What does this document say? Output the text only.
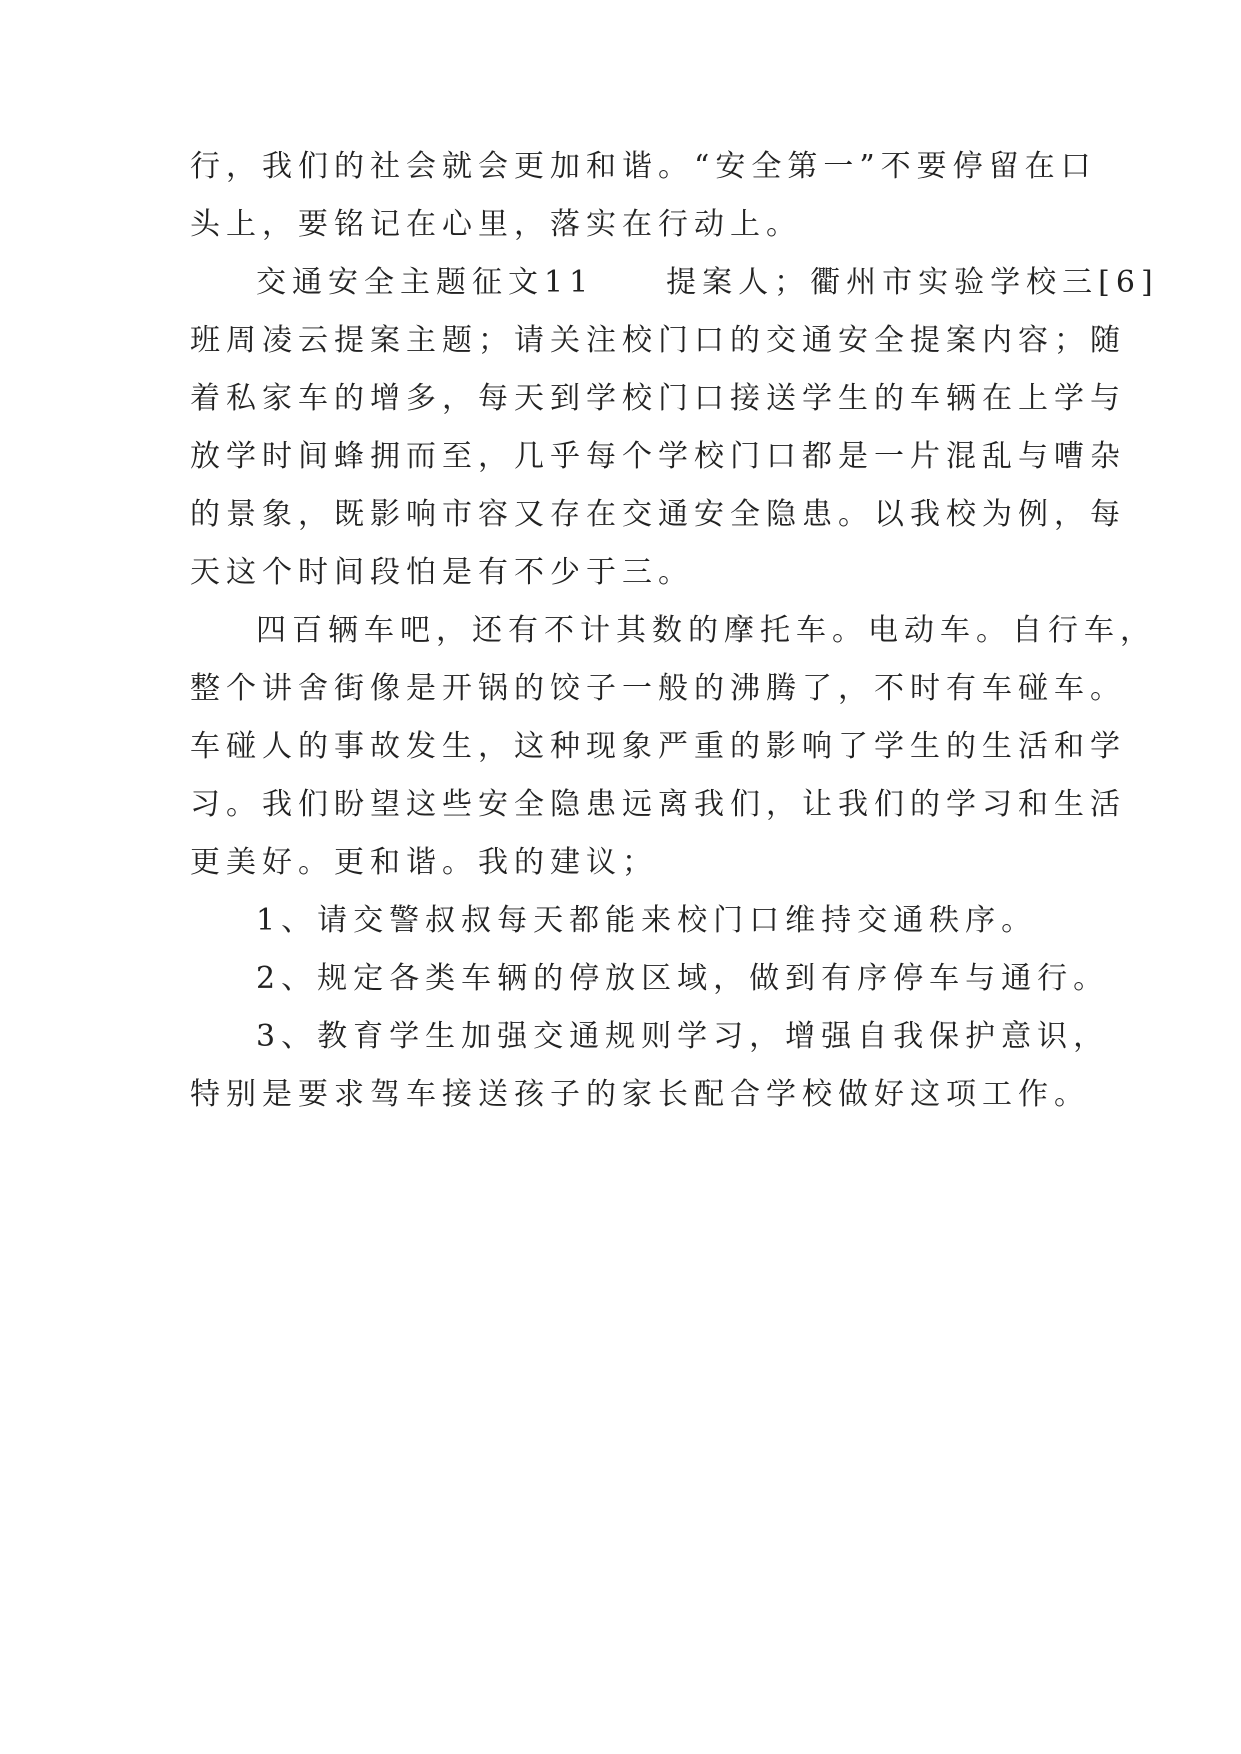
行，我们的社会就会更加和谐。“安全第一”不要停留在口
头上，要铭记在心里，落实在行动上。
交通安全主题征文11　　提案人；衢州市实验学校三[6]
班周凌云提案主题；请关注校门口的交通安全提案内容；随
着私家车的增多，每天到学校门口接送学生的车辆在上学与
放学时间蜂拥而至，几乎每个学校门口都是一片混乱与嘈杂
的景象，既影响市容又存在交通安全隐患。以我校为例，每
天这个时间段怕是有不少于三。
四百辆车吧，还有不计其数的摩托车。电动车。自行车，
整个讲舍街像是开锅的饺子一般的沸腾了，不时有车碰车。
车碰人的事故发生，这种现象严重的影响了学生的生活和学
习。我们盼望这些安全隐患远离我们，让我们的学习和生活
更美好。更和谐。我的建议；
1、请交警叔叔每天都能来校门口维持交通秩序。
2、规定各类车辆的停放区域，做到有序停车与通行。
3、教育学生加强交通规则学习，增强自我保护意识，
特别是要求驾车接送孩子的家长配合学校做好这项工作。
